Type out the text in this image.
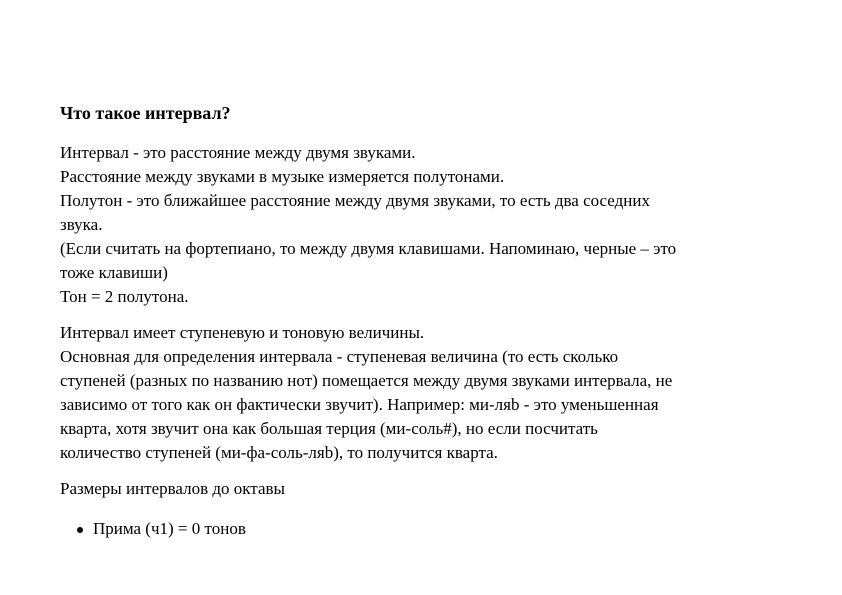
Что такое интервал?
Интервал - это расстояние между двумя звуками.
Расстояние между звуками в музыке измеряется полутонами.
Полутон - это ближайшее расстояние между двумя звуками, то есть два соседних
звука.
(Если считать на фортепиано, то между двумя клавишами. Напоминаю, черные – это
тоже клавиши)
Тон = 2 полутона.
Интервал имеет ступеневую и тоновую величины.
Основная для определения интервала - ступеневая величина (то есть сколько
ступеней (разных по названию нот) помещается между двумя звуками интервала, не
зависимо от того как он фактически звучит). Например: ми-ляb - это уменьшенная
кварта, хотя звучит она как большая терция (ми-соль#), но если посчитать
количество ступеней (ми-фа-соль-ляb), то получится кварта.
Размеры интервалов до октавы
Прима (ч1) = 0 тонов
